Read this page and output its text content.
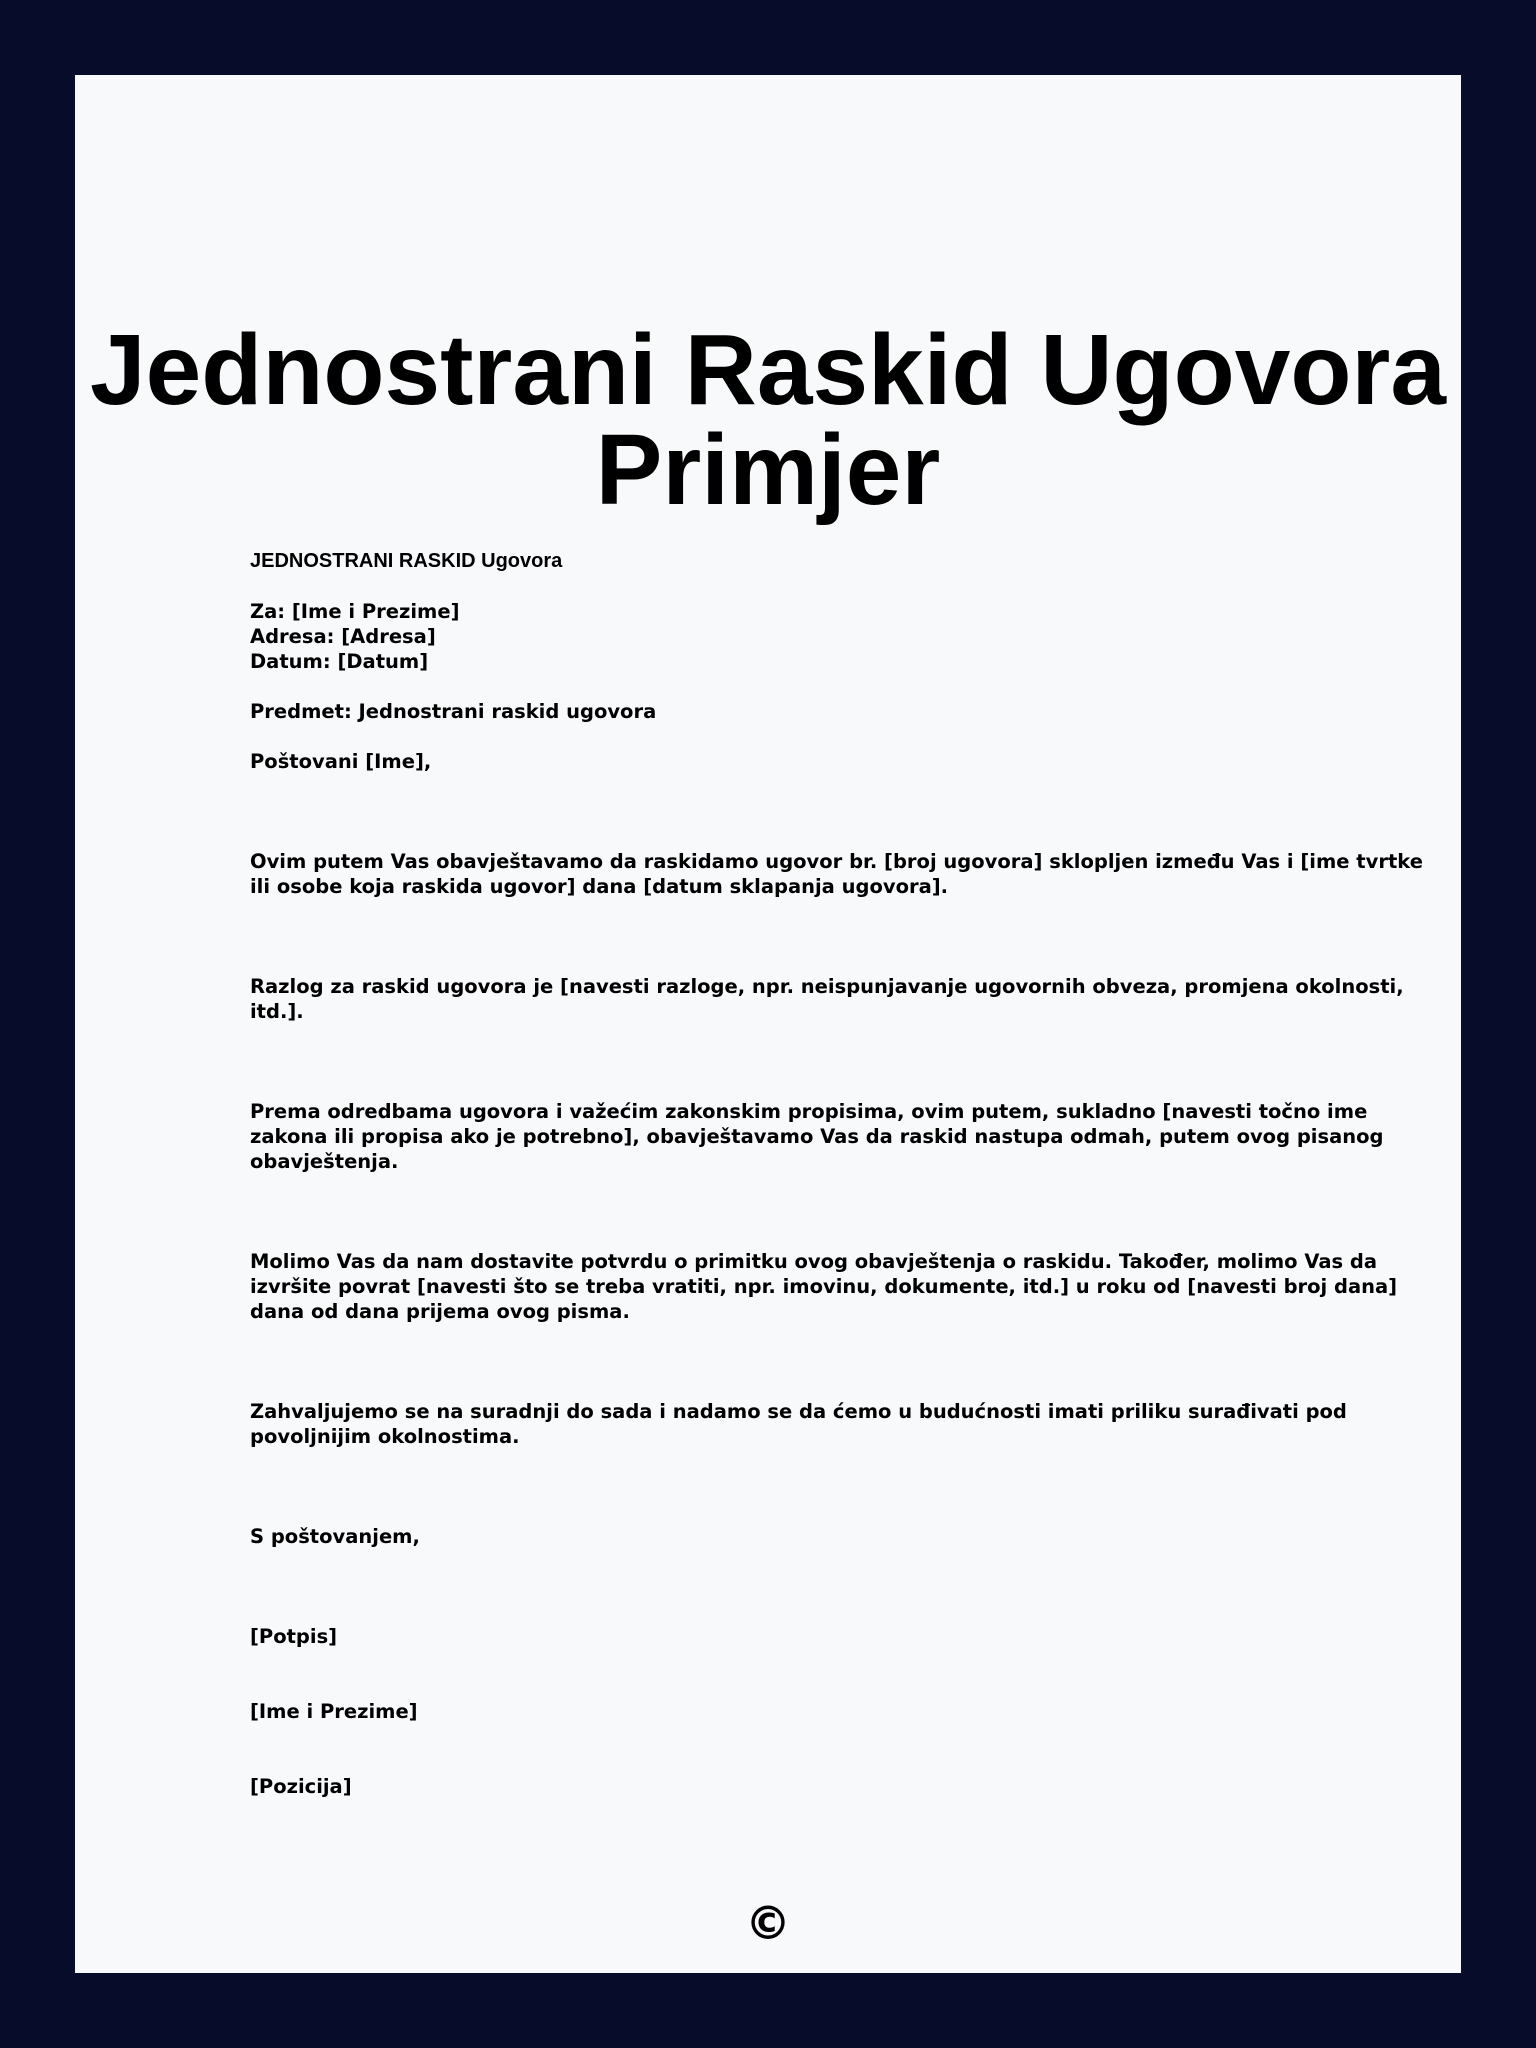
Jednostrani Raskid Ugovora
Primjer
JEDNOSTRANI RASKID Ugovora
Za: [Ime i Prezime]
Adresa: [Adresa]
Datum: [Datum]
Predmet: Jednostrani raskid ugovora
Poštovani [Ime],
Ovim putem Vas obavještavamo da raskidamo ugovor br. [broj ugovora] sklopljen između Vas i [ime tvrtke
ili osobe koja raskida ugovor] dana [datum sklapanja ugovora].
Razlog za raskid ugovora je [navesti razloge, npr. neispunjavanje ugovornih obveza, promjena okolnosti,
itd.].
Prema odredbama ugovora i važećim zakonskim propisima, ovim putem, sukladno [navesti točno ime
zakona ili propisa ako je potrebno], obavještavamo Vas da raskid nastupa odmah, putem ovog pisanog
obavještenja.
Molimo Vas da nam dostavite potvrdu o primitku ovog obavještenja o raskidu. Također, molimo Vas da
izvršite povrat [navesti što se treba vratiti, npr. imovinu, dokumente, itd.] u roku od [navesti broj dana]
dana od dana prijema ovog pisma.
Zahvaljujemo se na suradnji do sada i nadamo se da ćemo u budućnosti imati priliku surađivati pod
povoljnijim okolnostima.
S poštovanjem,
[Potpis]
[Ime i Prezime]
[Pozicija]
©
